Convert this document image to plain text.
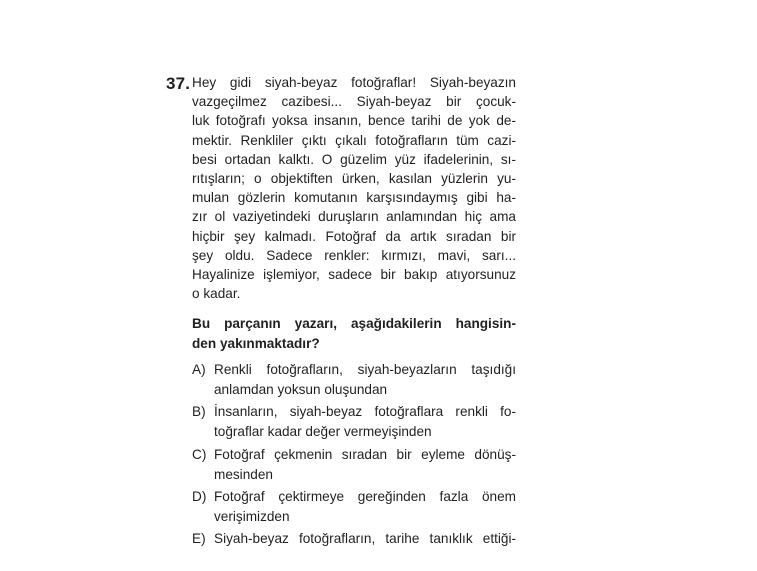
37. Hey gidi siyah-beyaz fotoğraflar! Siyah-beyazın
vazgeçilmez cazibesi... Siyah-beyaz bir çocuk-
luk fotoğrafı yoksa insanın, bence tarihi de yok de-
mektir. Renkliler çıktı çıkalı fotoğrafların tüm cazi-
besi ortadan kalktı. O güzelim yüz ifadelerinin, sı-
rıtışların; o objektiften ürken, kasılan yüzlerin yu-
mulan gözlerin komutanın karşısındaymış gibi ha-
zır ol vaziyetindeki duruşların anlamından hiç ama
hiçbir şey kalmadı. Fotoğraf da artık sıradan bir
şey oldu. Sadece renkler: kırmızı, mavi, sarı...
Hayalinize işlemiyor, sadece bir bakıp atıyorsunuz
o kadar.
Bu parçanın yazarı, aşağıdakilerin hangisin-
den yakınmaktadır?
A) Renkli fotoğrafların, siyah-beyazların taşıdığı
anlamdan yoksun oluşundan
B) İnsanların, siyah-beyaz fotoğraflara renkli fo-
toğraflar kadar değer vermeyişinden
C) Fotoğraf çekmenin sıradan bir eyleme dönüş-
mesinden
D) Fotoğraf çektirmeye gereğinden fazla önem
verişimizden
E) Siyah-beyaz fotoğrafların, tarihe tanıklık ettiği-
